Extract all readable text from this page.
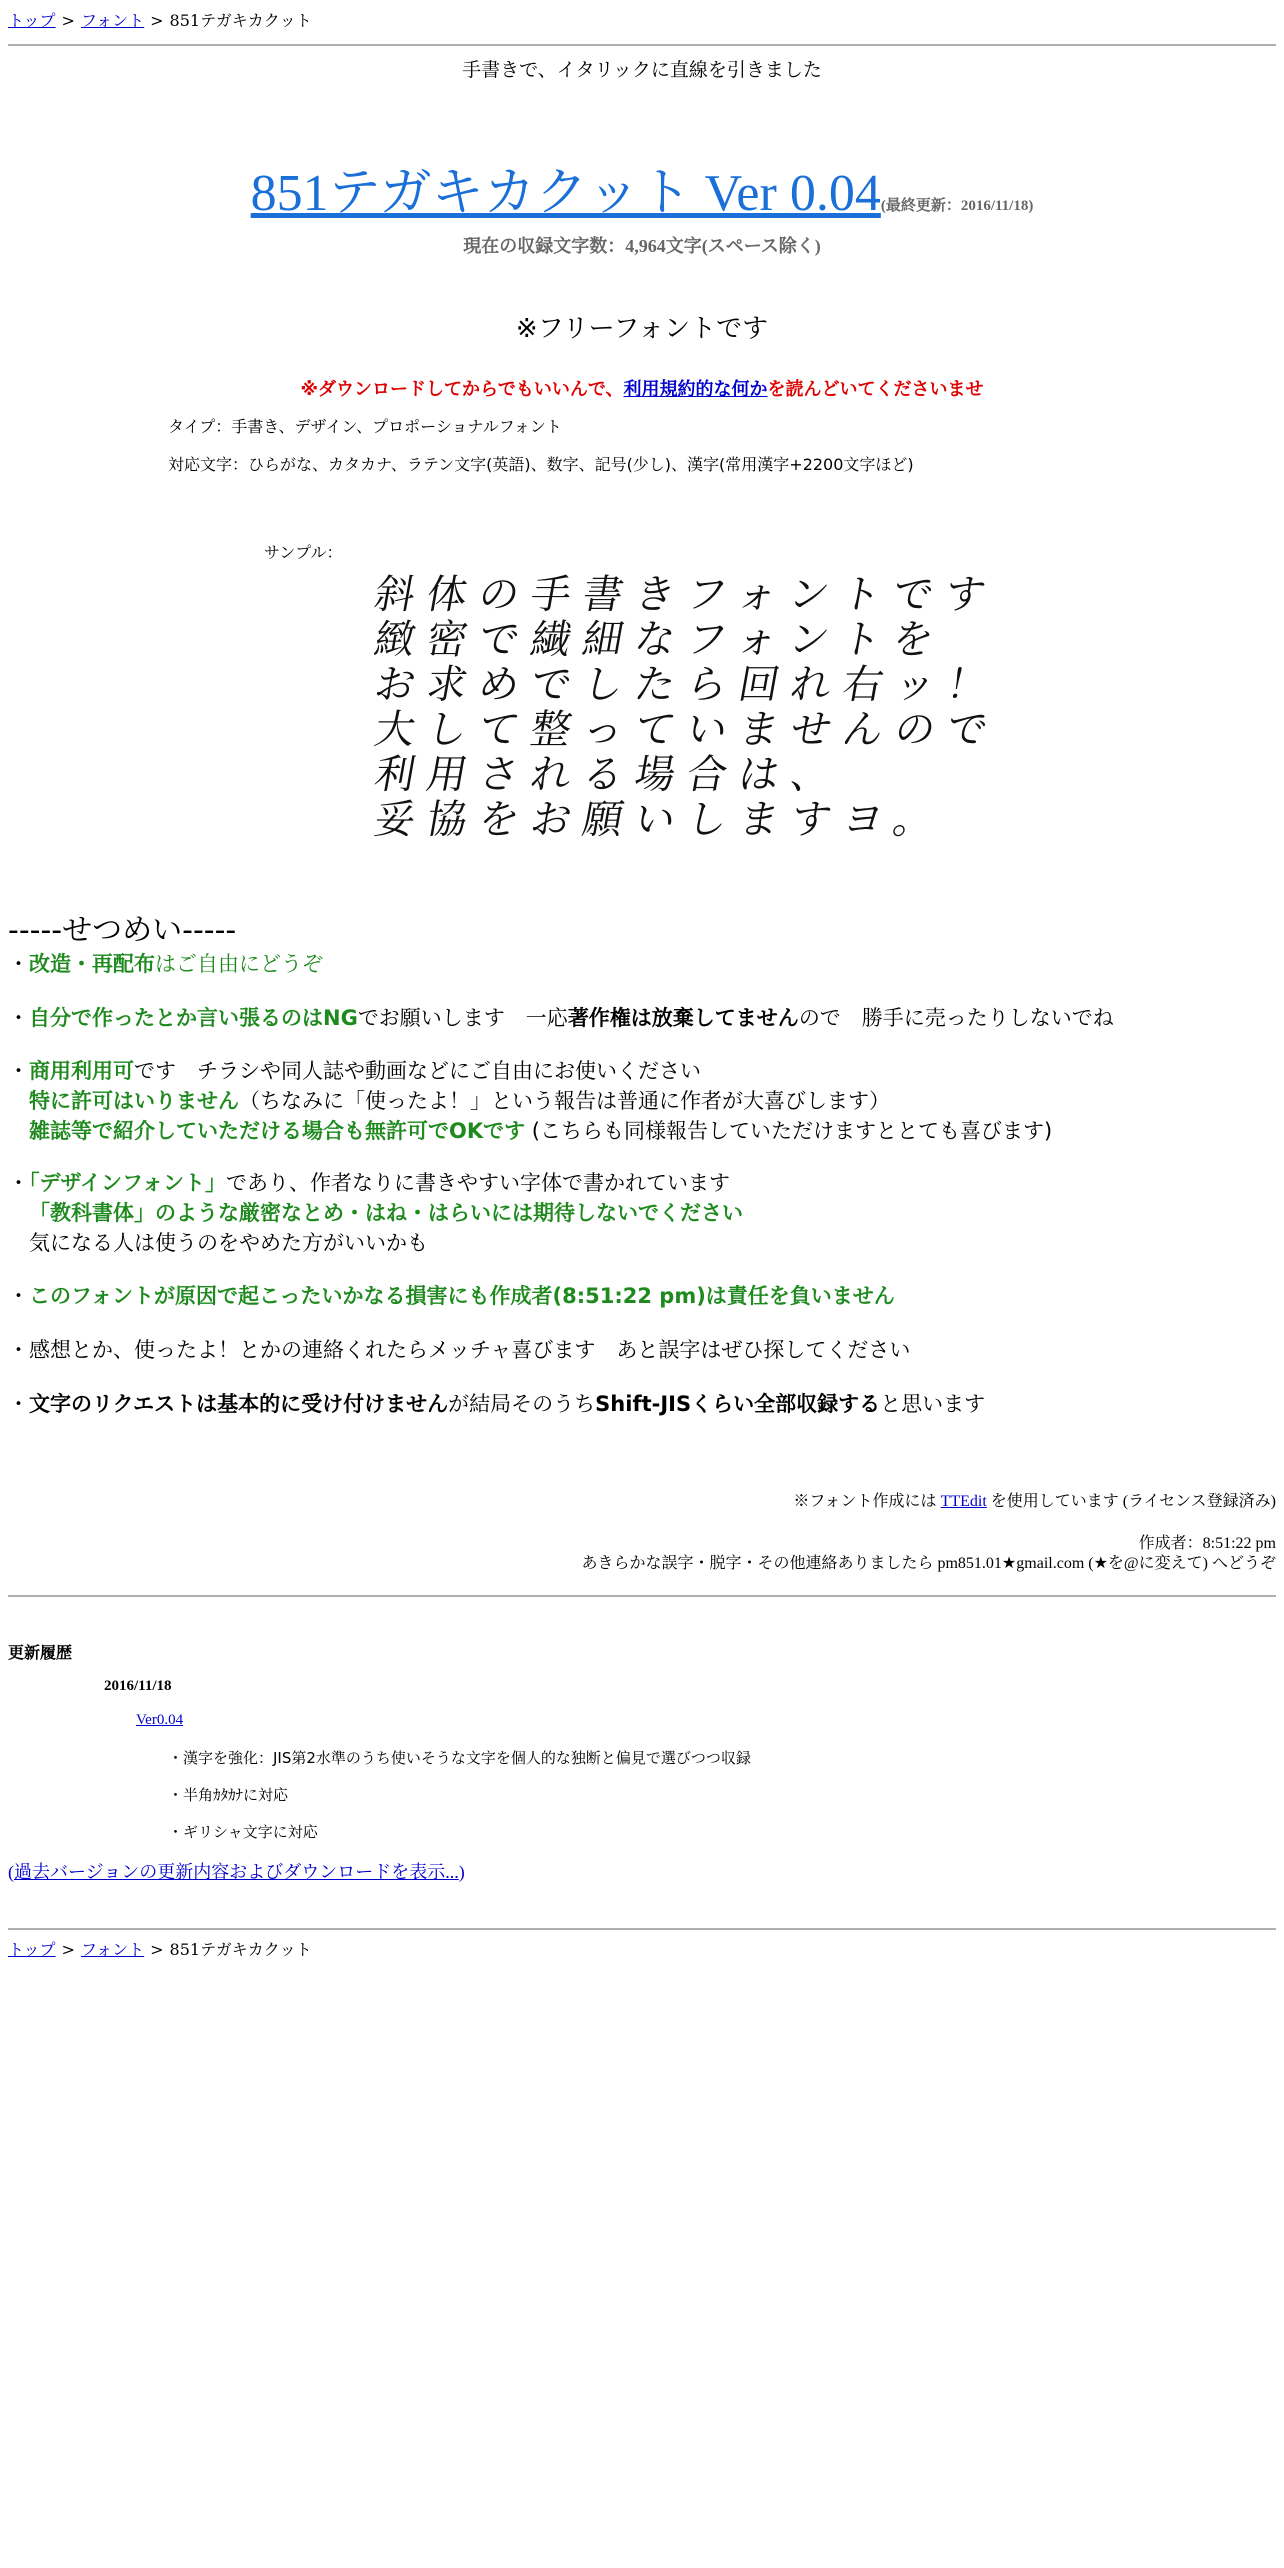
トップ > フォント > 851テガキカクット
手書きで、イタリックに直線を引きました
851テガキカクット Ver 0.04(最終更新：2016/11/18)
現在の収録文字数：4,964文字(スペース除く)
※フリーフォントです
※ダウンロードしてからでもいいんで、利用規約的な何かを読んどいてくださいませ
タイプ：手書き、デザイン、プロポーショナルフォント
対応文字：ひらがな、カタカナ、ラテン文字(英語)、数字、記号(少し)、漢字(常用漢字+2200文字ほど)
サンプル：
斜体の手書きフォントです
緻密で繊細なフォントを
お求めでしたら回れ右ッ！
大して整っていませんので
利用される場合は、
妥協をお願いしますヨ。
-----せつめい-----
・改造・再配布はご自由にどうぞ
・自分で作ったとか言い張るのはNGでお願いします　一応著作権は放棄してませんので　勝手に売ったりしないでね
・商用利用可です　チラシや同人誌や動画などにご自由にお使いください
特に許可はいりません（ちなみに「使ったよ！」という報告は普通に作者が大喜びします）
雑誌等で紹介していただける場合も無許可でOKです (こちらも同様報告していただけますととても喜びます)
・「デザインフォント」であり、作者なりに書きやすい字体で書かれています
「教科書体」のような厳密なとめ・はね・はらいには期待しないでください
気になる人は使うのをやめた方がいいかも
・このフォントが原因で起こったいかなる損害にも作成者(8:51:22 pm)は責任を負いません
・感想とか、使ったよ！とかの連絡くれたらメッチャ喜びます　あと誤字はぜひ探してください
・文字のリクエストは基本的に受け付けませんが結局そのうちShift-JISくらい全部収録すると思います
※フォント作成には TTEdit を使用しています (ライセンス登録済み)
作成者：8:51:22 pm
あきらかな誤字・脱字・その他連絡ありましたら pm851.01★gmail.com (★を@に変えて) へどうぞ
更新履歴
2016/11/18
Ver0.04
・漢字を強化：JIS第2水準のうち使いそうな文字を個人的な独断と偏見で選びつつ収録
・半角ｶﾀｶﾅに対応
・ギリシャ文字に対応
(過去バージョンの更新内容およびダウンロードを表示...)
トップ > フォント > 851テガキカクット
